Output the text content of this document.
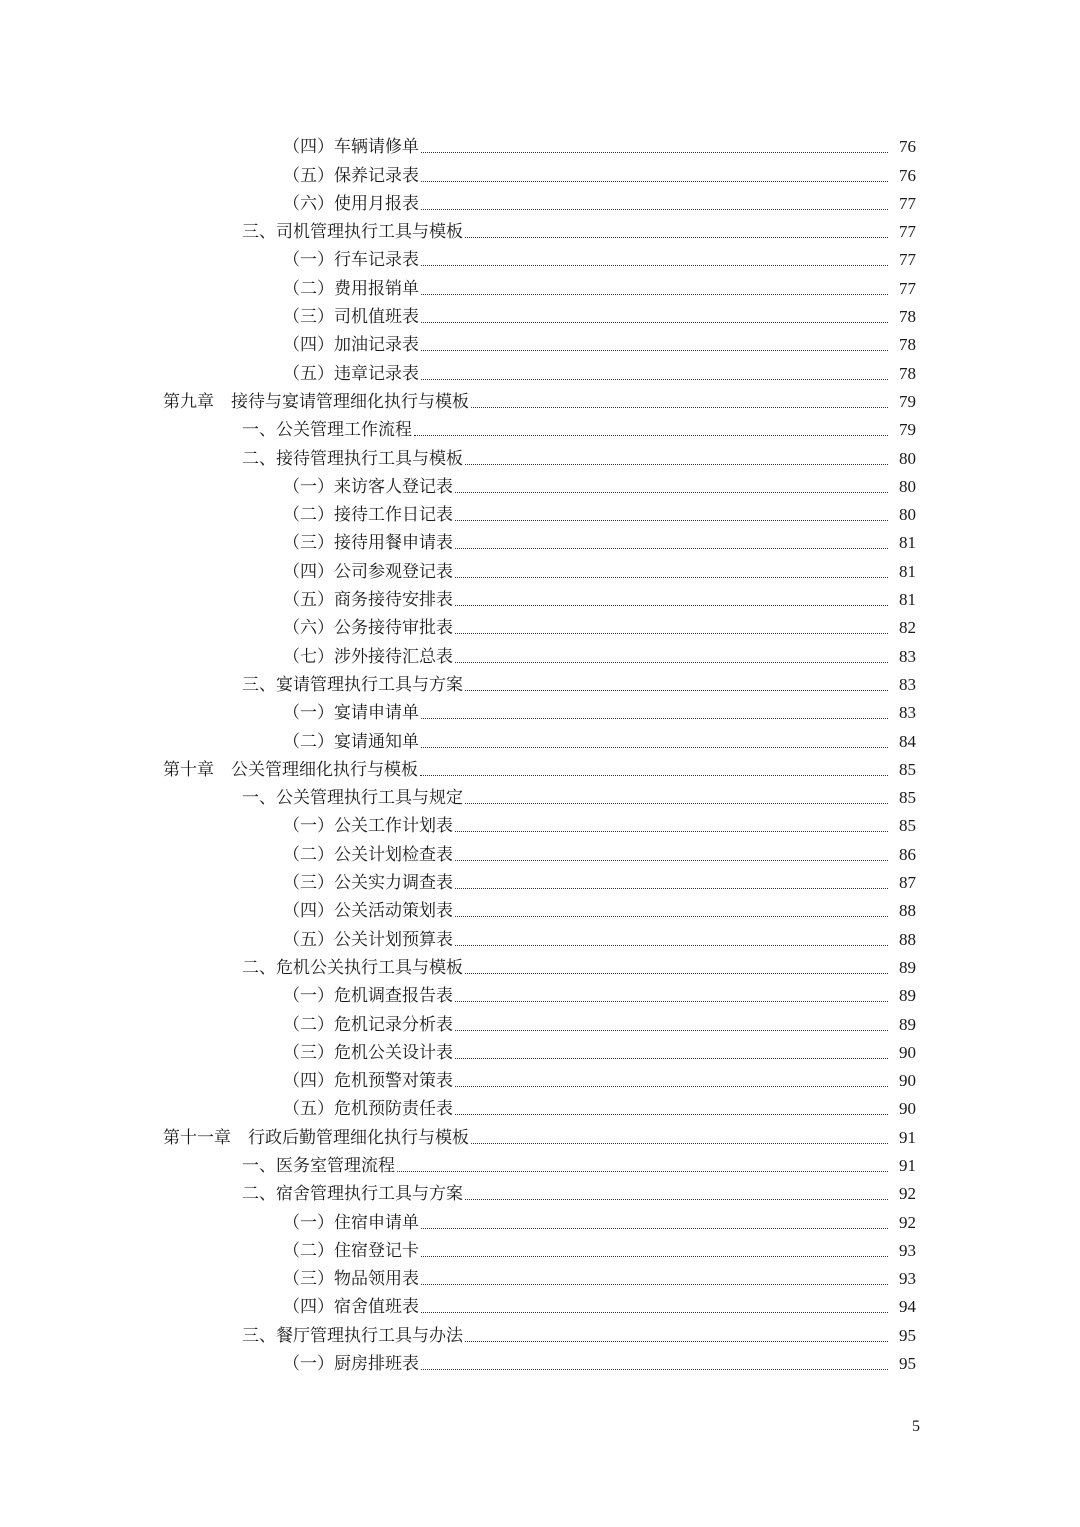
（四）车辆请修单	76
（五）保养记录表	76
（六）使用月报表	77
三、司机管理执行工具与模板	77
（一）行车记录表	77
（二）费用报销单	77
（三）司机值班表	78
（四）加油记录表	78
（五）违章记录表	78
第九章　接待与宴请管理细化执行与模板	79
一、公关管理工作流程	79
二、接待管理执行工具与模板	80
（一）来访客人登记表	80
（二）接待工作日记表	80
（三）接待用餐申请表	81
（四）公司参观登记表	81
（五）商务接待安排表	81
（六）公务接待审批表	82
（七）涉外接待汇总表	83
三、宴请管理执行工具与方案	83
（一）宴请申请单	83
（二）宴请通知单	84
第十章　公关管理细化执行与模板	85
一、公关管理执行工具与规定	85
（一）公关工作计划表	85
（二）公关计划检查表	86
（三）公关实力调查表	87
（四）公关活动策划表	88
（五）公关计划预算表	88
二、危机公关执行工具与模板	89
（一）危机调查报告表	89
（二）危机记录分析表	89
（三）危机公关设计表	90
（四）危机预警对策表	90
（五）危机预防责任表	90
第十一章　行政后勤管理细化执行与模板	91
一、医务室管理流程	91
二、宿舍管理执行工具与方案	92
（一）住宿申请单	92
（二）住宿登记卡	93
（三）物品领用表	93
（四）宿舍值班表	94
三、餐厅管理执行工具与办法	95
（一）厨房排班表	95
5
